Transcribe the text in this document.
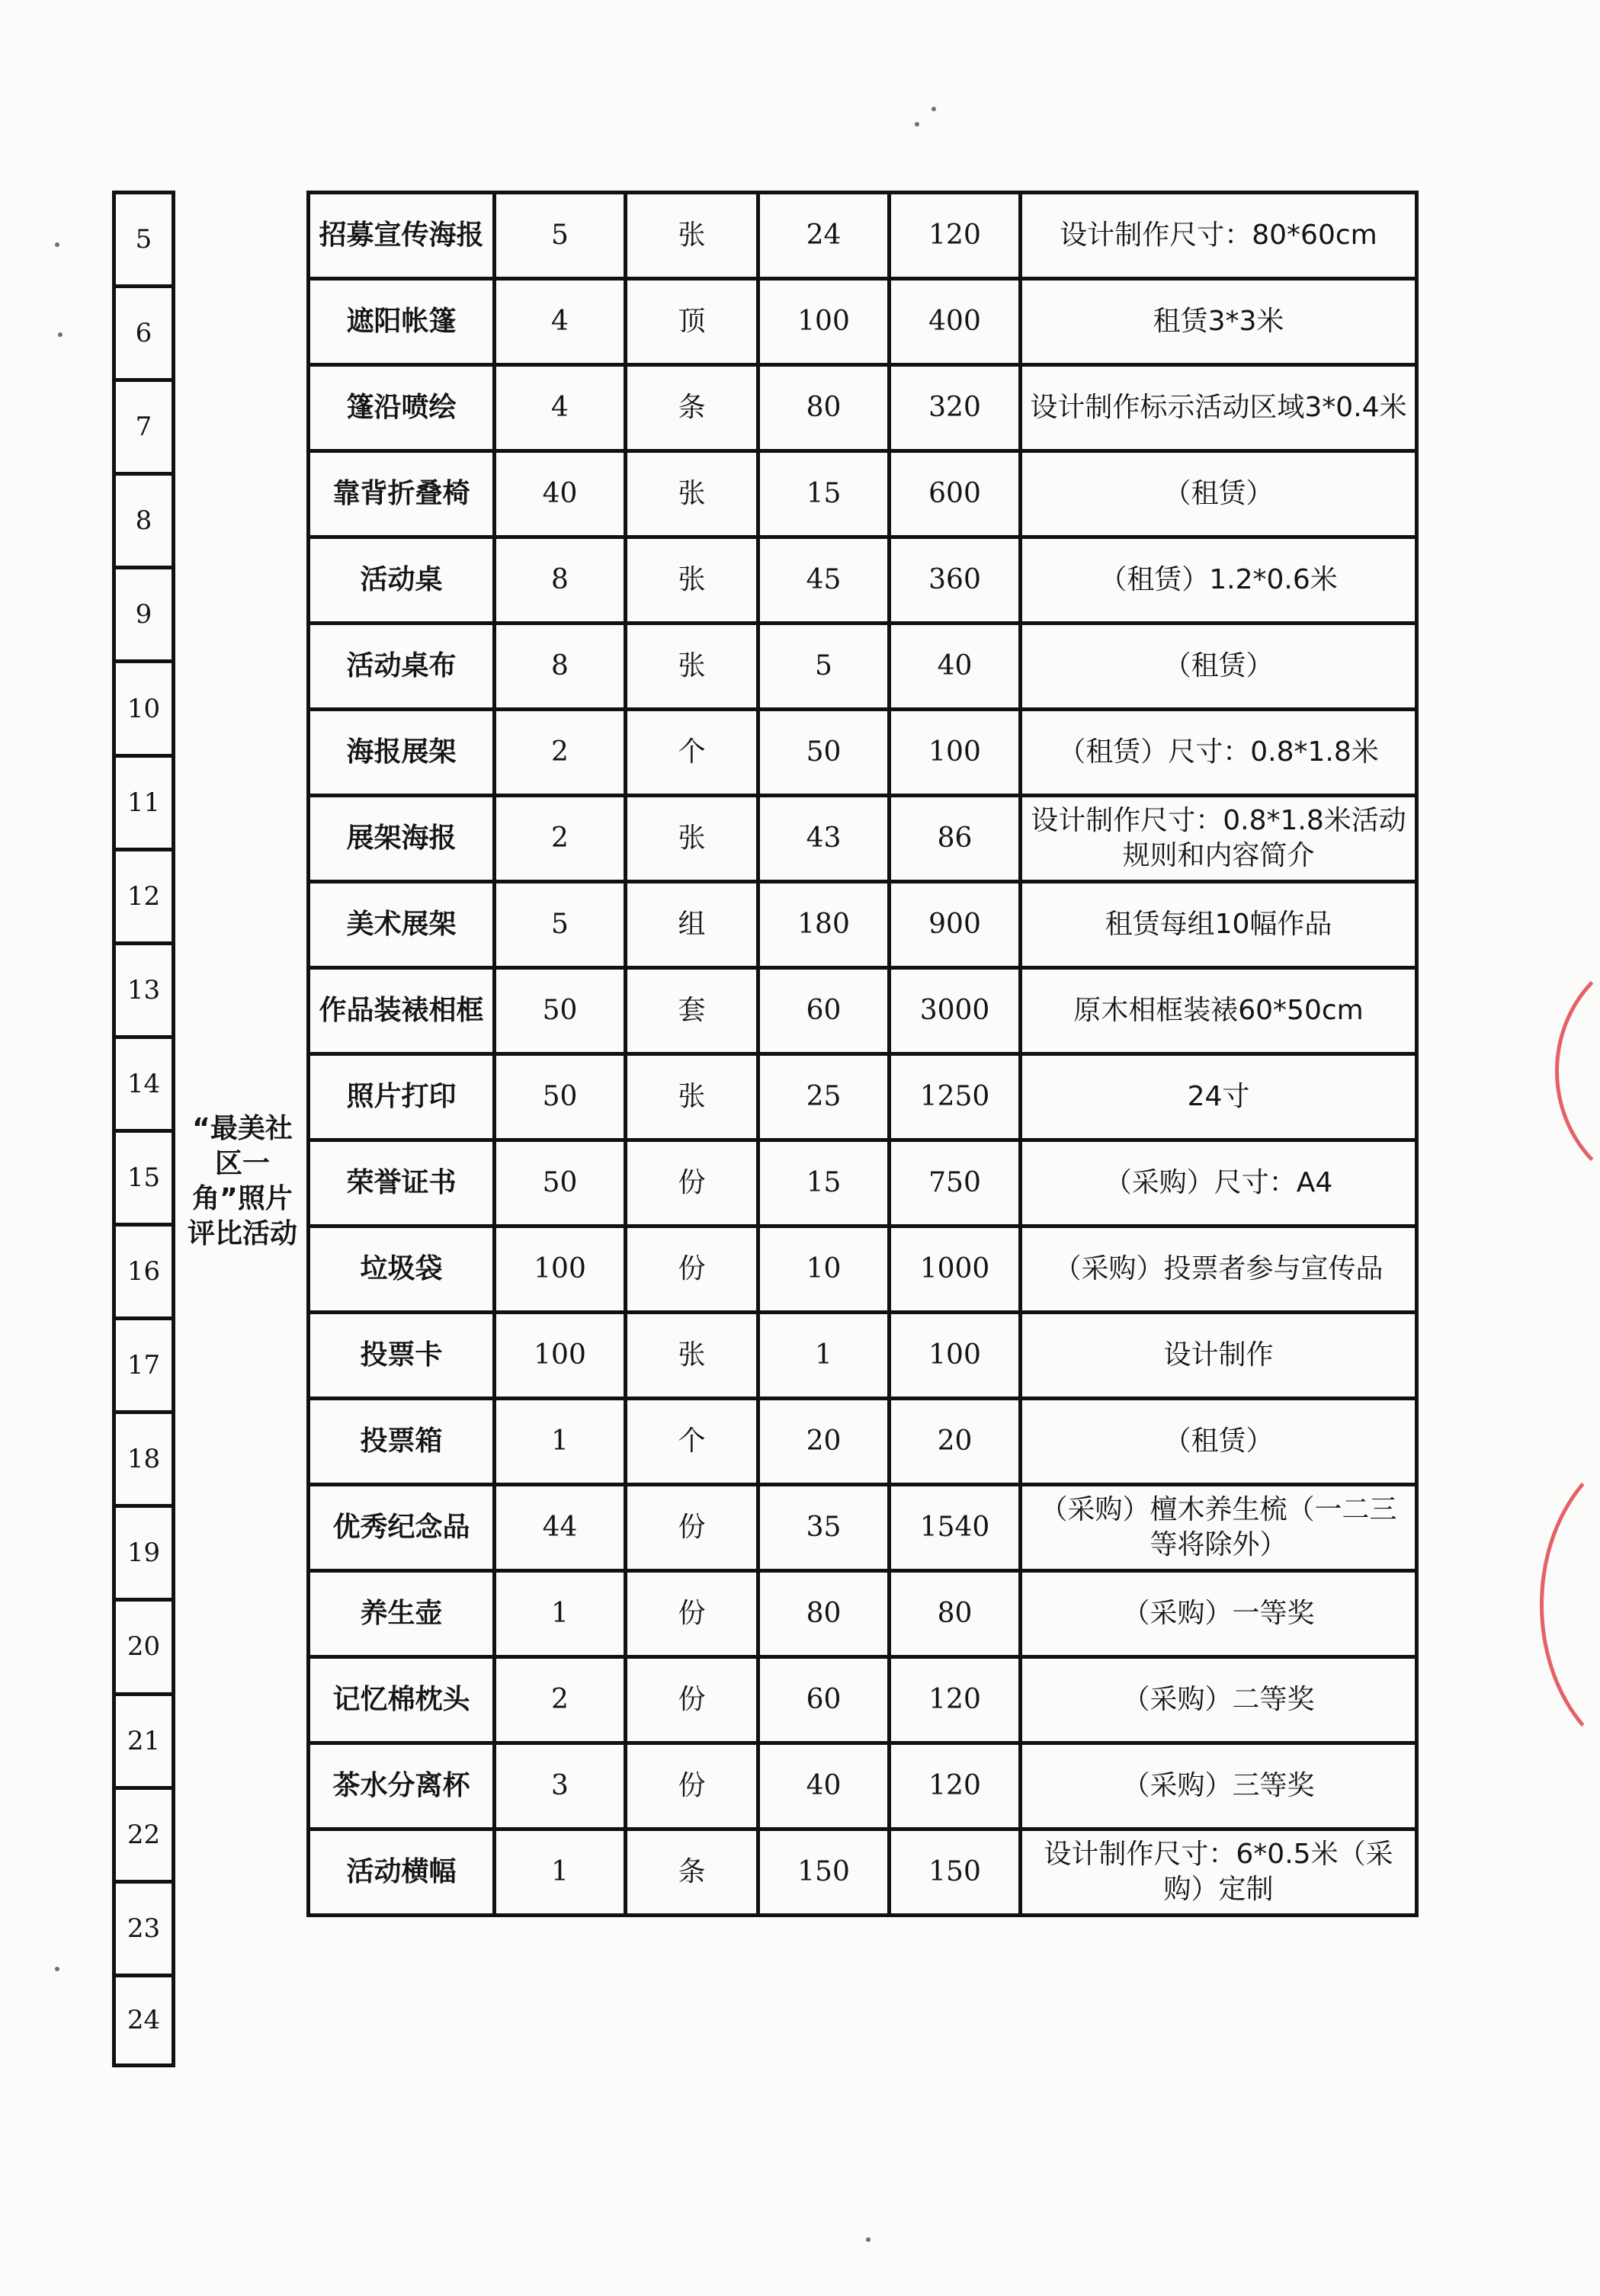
5
6
7
8
9
10
11
12
13
14
15
16
17
18
19
20
21
22
23
24
“最美社区一角”照片评比活动
招募宣传海报	5	张	24	120	设计制作尺寸：80*60cm
遮阳帐篷	4	顶	100	400	租赁3*3米
篷沿喷绘	4	条	80	320	设计制作标示活动区域3*0.4米
靠背折叠椅	40	张	15	600	（租赁）
活动桌	8	张	45	360	（租赁）1.2*0.6米
活动桌布	8	张	5	40	（租赁）
海报展架	2	个	50	100	（租赁）尺寸：0.8*1.8米
展架海报	2	张	43	86	设计制作尺寸：0.8*1.8米活动规则和内容简介
美术展架	5	组	180	900	租赁每组10幅作品
作品装裱相框	50	套	60	3000	原木相框装裱60*50cm
照片打印	50	张	25	1250	24寸
荣誉证书	50	份	15	750	（采购）尺寸：A4
垃圾袋	100	份	10	1000	（采购）投票者参与宣传品
投票卡	100	张	1	100	设计制作
投票箱	1	个	20	20	（租赁）
优秀纪念品	44	份	35	1540	（采购）檀木养生梳（一二三等将除外）
养生壶	1	份	80	80	（采购）一等奖
记忆棉枕头	2	份	60	120	（采购）二等奖
茶水分离杯	3	份	40	120	（采购）三等奖
活动横幅	1	条	150	150	设计制作尺寸：6*0.5米（采购）定制
